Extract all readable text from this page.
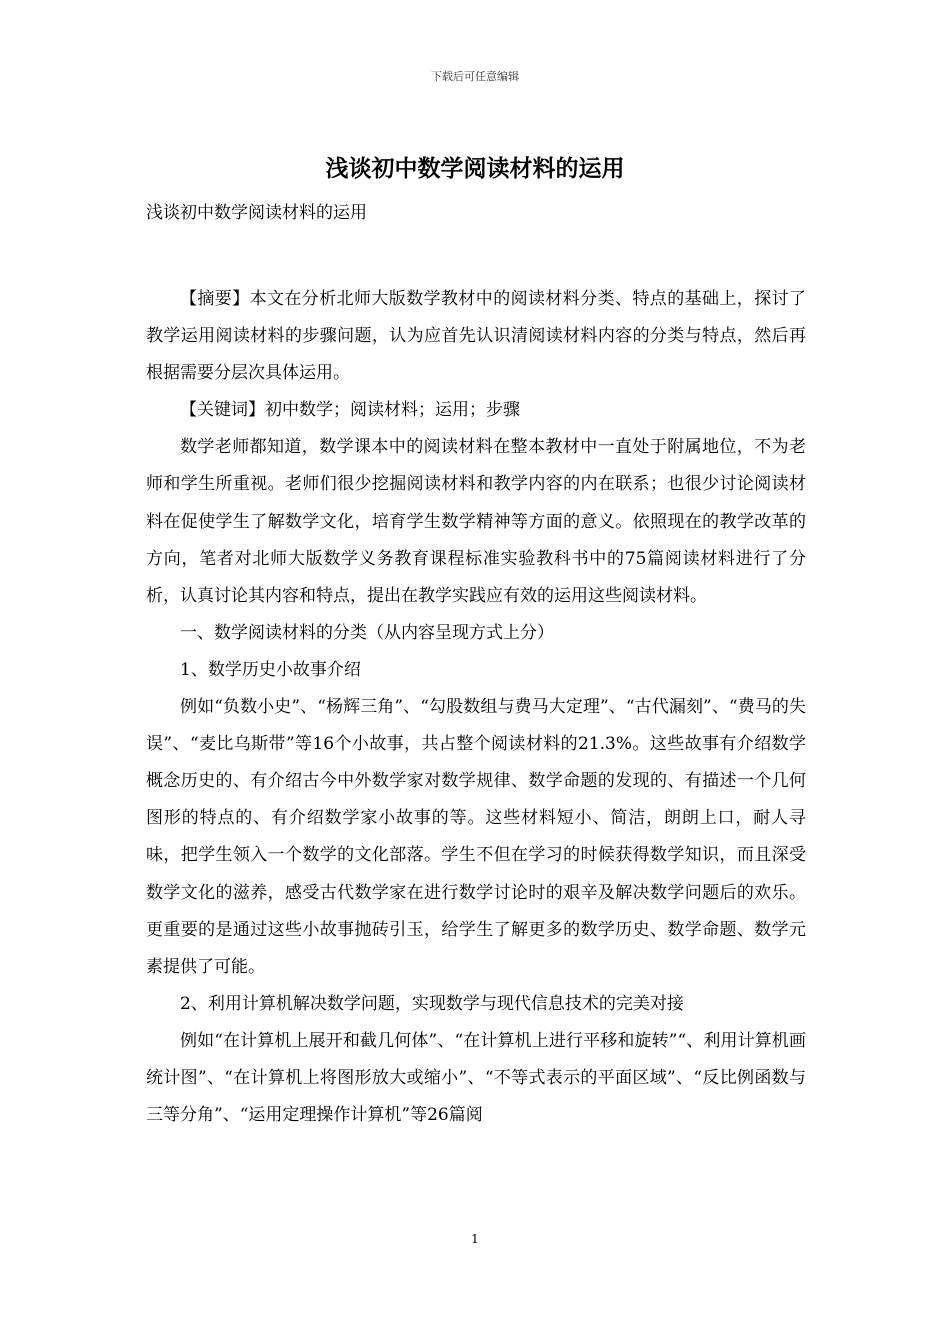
下载后可任意编辑
浅谈初中数学阅读材料的运用
浅谈初中数学阅读材料的运用

【摘要】本文在分析北师大版数学教材中的阅读材料分类、特点的基础上，探讨了教学运用阅读材料的步骤问题，认为应首先认识清阅读材料内容的分类与特点，然后再根据需要分层次具体运用。

【关键词】初中数学；阅读材料；运用；步骤

数学老师都知道，数学课本中的阅读材料在整本教材中一直处于附属地位，不为老师和学生所重视。老师们很少挖掘阅读材料和教学内容的内在联系；也很少讨论阅读材料在促使学生了解数学文化，培育学生数学精神等方面的意义。依照现在的教学改革的方向，笔者对北师大版数学义务教育课程标准实验教科书中的75篇阅读材料进行了分析，认真讨论其内容和特点，提出在教学实践应有效的运用这些阅读材料。

一、数学阅读材料的分类（从内容呈现方式上分）

1、数学历史小故事介绍

例如“负数小史”、“杨辉三角”、“勾股数组与费马大定理”、“古代漏刻”、“费马的失误”、“麦比乌斯带”等16个小故事，共占整个阅读材料的21.3%。这些故事有介绍数学概念历史的、有介绍古今中外数学家对数学规律、数学命题的发现的、有描述一个几何图形的特点的、有介绍数学家小故事的等。这些材料短小、简洁，朗朗上口，耐人寻味，把学生领入一个数学的文化部落。学生不但在学习的时候获得数学知识，而且深受数学文化的滋养，感受古代数学家在进行数学讨论时的艰辛及解决数学问题后的欢乐。更重要的是通过这些小故事抛砖引玉，给学生了解更多的数学历史、数学命题、数学元素提供了可能。

2、利用计算机解决数学问题，实现数学与现代信息技术的完美对接

例如“在计算机上展开和截几何体”、“在计算机上进行平移和旋转”“、利用计算机画统计图”、“在计算机上将图形放大或缩小”、“不等式表示的平面区域”、“反比例函数与三等分角”、“运用定理操作计算机”等26篇阅

1
